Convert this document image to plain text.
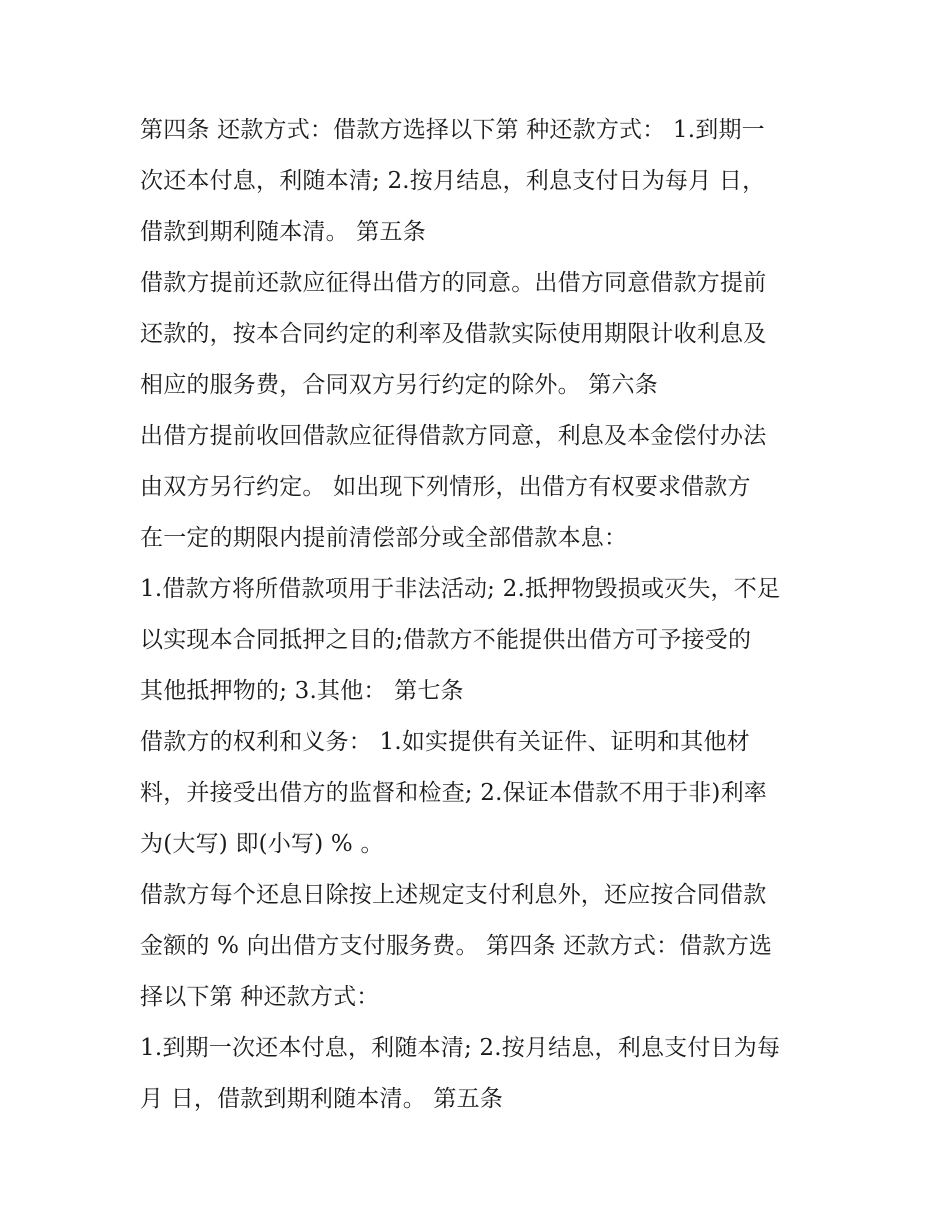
第四条 还款方式：借款方选择以下第 种还款方式： 1.到期一
次还本付息，利随本清; 2.按月结息，利息支付日为每月 日，
借款到期利随本清。 第五条
借款方提前还款应征得出借方的同意。出借方同意借款方提前
还款的，按本合同约定的利率及借款实际使用期限计收利息及
相应的服务费，合同双方另行约定的除外。 第六条
出借方提前收回借款应征得借款方同意，利息及本金偿付办法
由双方另行约定。 如出现下列情形，出借方有权要求借款方
在一定的期限内提前清偿部分或全部借款本息：
1.借款方将所借款项用于非法活动; 2.抵押物毁损或灭失，不足
以实现本合同抵押之目的;借款方不能提供出借方可予接受的
其他抵押物的; 3.其他： 第七条
借款方的权利和义务： 1.如实提供有关证件、证明和其他材
料，并接受出借方的监督和检查; 2.保证本借款不用于非)利率
为(大写) 即(小写) % 。
借款方每个还息日除按上述规定支付利息外，还应按合同借款
金额的 % 向出借方支付服务费。 第四条 还款方式：借款方选
择以下第 种还款方式：
1.到期一次还本付息，利随本清; 2.按月结息，利息支付日为每
月 日，借款到期利随本清。 第五条
